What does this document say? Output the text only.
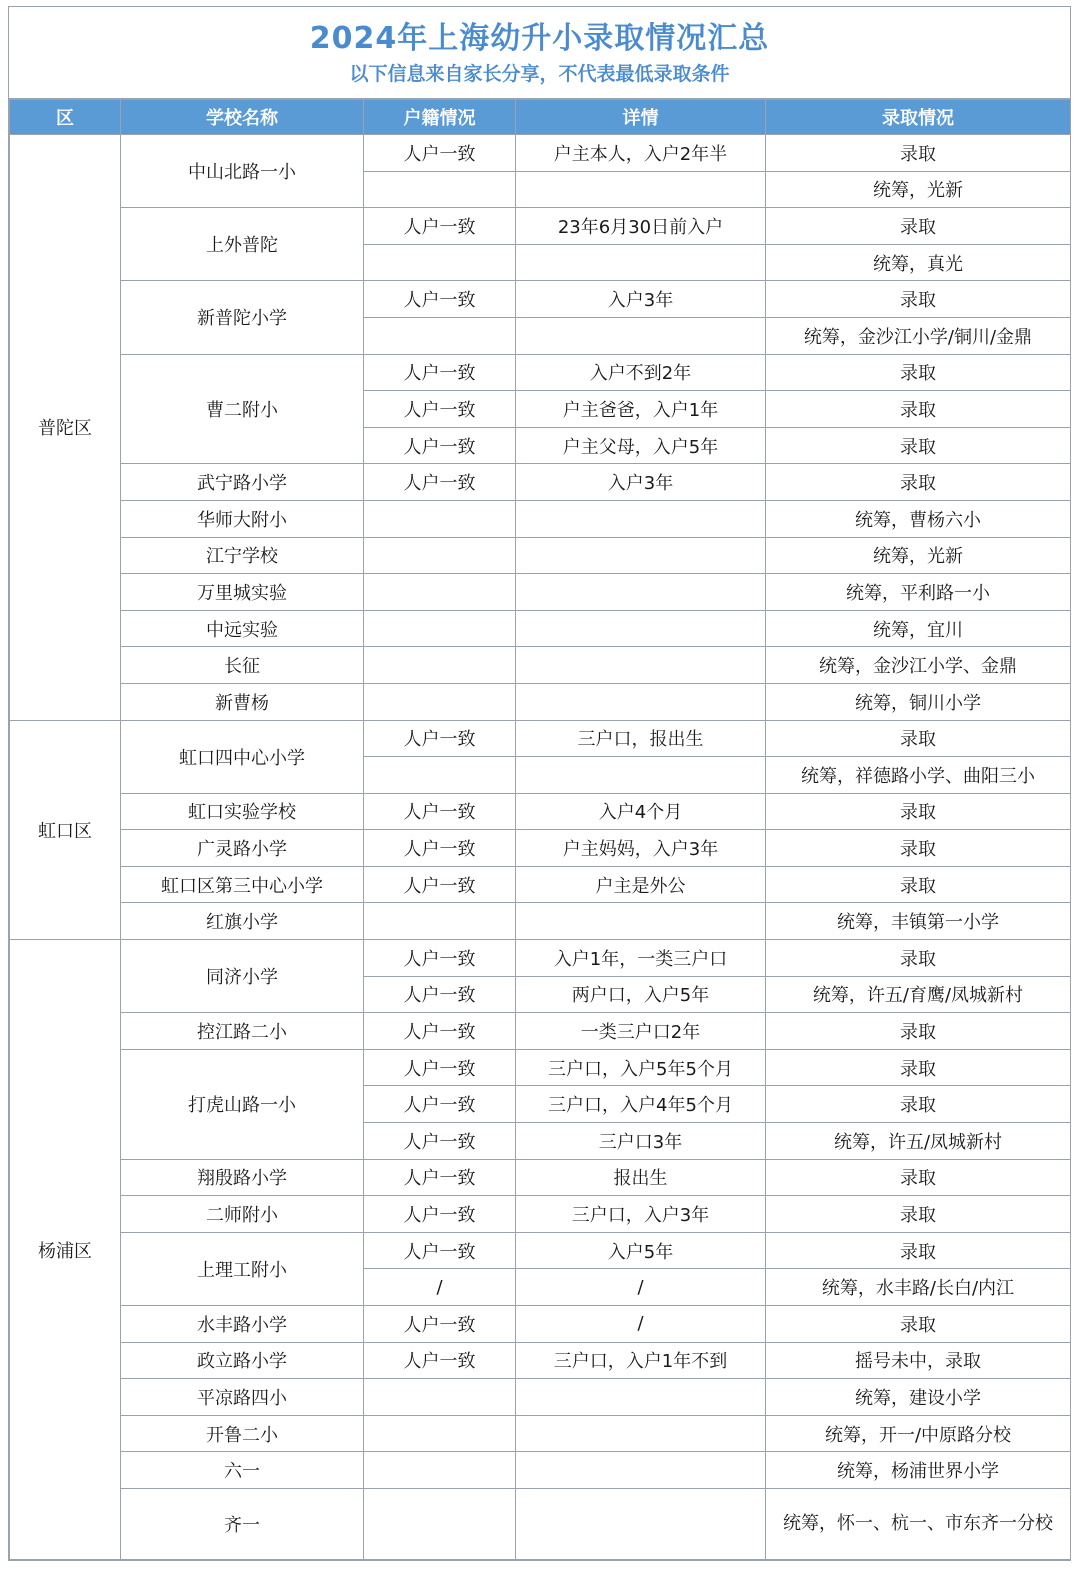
2024年上海幼升小录取情况汇总
以下信息来自家长分享，不代表最低录取条件
区	学校名称	户籍情况	详情	录取情况
普陀区	中山北路一小	人户一致	户主本人，入户2年半	录取
				统筹，光新
	上外普陀	人户一致	23年6月30日前入户	录取
				统筹，真光
	新普陀小学	人户一致	入户3年	录取
				统筹，金沙江小学/铜川/金鼎
	曹二附小	人户一致	入户不到2年	录取
		人户一致	户主爸爸，入户1年	录取
		人户一致	户主父母，入户5年	录取
	武宁路小学	人户一致	入户3年	录取
	华师大附小			统筹，曹杨六小
	江宁学校			统筹，光新
	万里城实验			统筹，平利路一小
	中远实验			统筹，宜川
	长征			统筹，金沙江小学、金鼎
	新曹杨			统筹，铜川小学
虹口区	虹口四中心小学	人户一致	三户口，报出生	录取
				统筹，祥德路小学、曲阳三小
	虹口实验学校	人户一致	入户4个月	录取
	广灵路小学	人户一致	户主妈妈，入户3年	录取
	虹口区第三中心小学	人户一致	户主是外公	录取
	红旗小学			统筹，丰镇第一小学
杨浦区	同济小学	人户一致	入户1年，一类三户口	录取
		人户一致	两户口，入户5年	统筹，许五/育鹰/凤城新村
	控江路二小	人户一致	一类三户口2年	录取
	打虎山路一小	人户一致	三户口，入户5年5个月	录取
		人户一致	三户口，入户4年5个月	录取
		人户一致	三户口3年	统筹，许五/凤城新村
	翔殷路小学	人户一致	报出生	录取
	二师附小	人户一致	三户口，入户3年	录取
	上理工附小	人户一致	入户5年	录取
		/	/	统筹，水丰路/长白/内江
	水丰路小学	人户一致	/	录取
	政立路小学	人户一致	三户口，入户1年不到	摇号未中，录取
	平凉路四小			统筹，建设小学
	开鲁二小			统筹，开一/中原路分校
	六一			统筹，杨浦世界小学
	齐一			统筹，怀一、杭一、市东齐一分校
